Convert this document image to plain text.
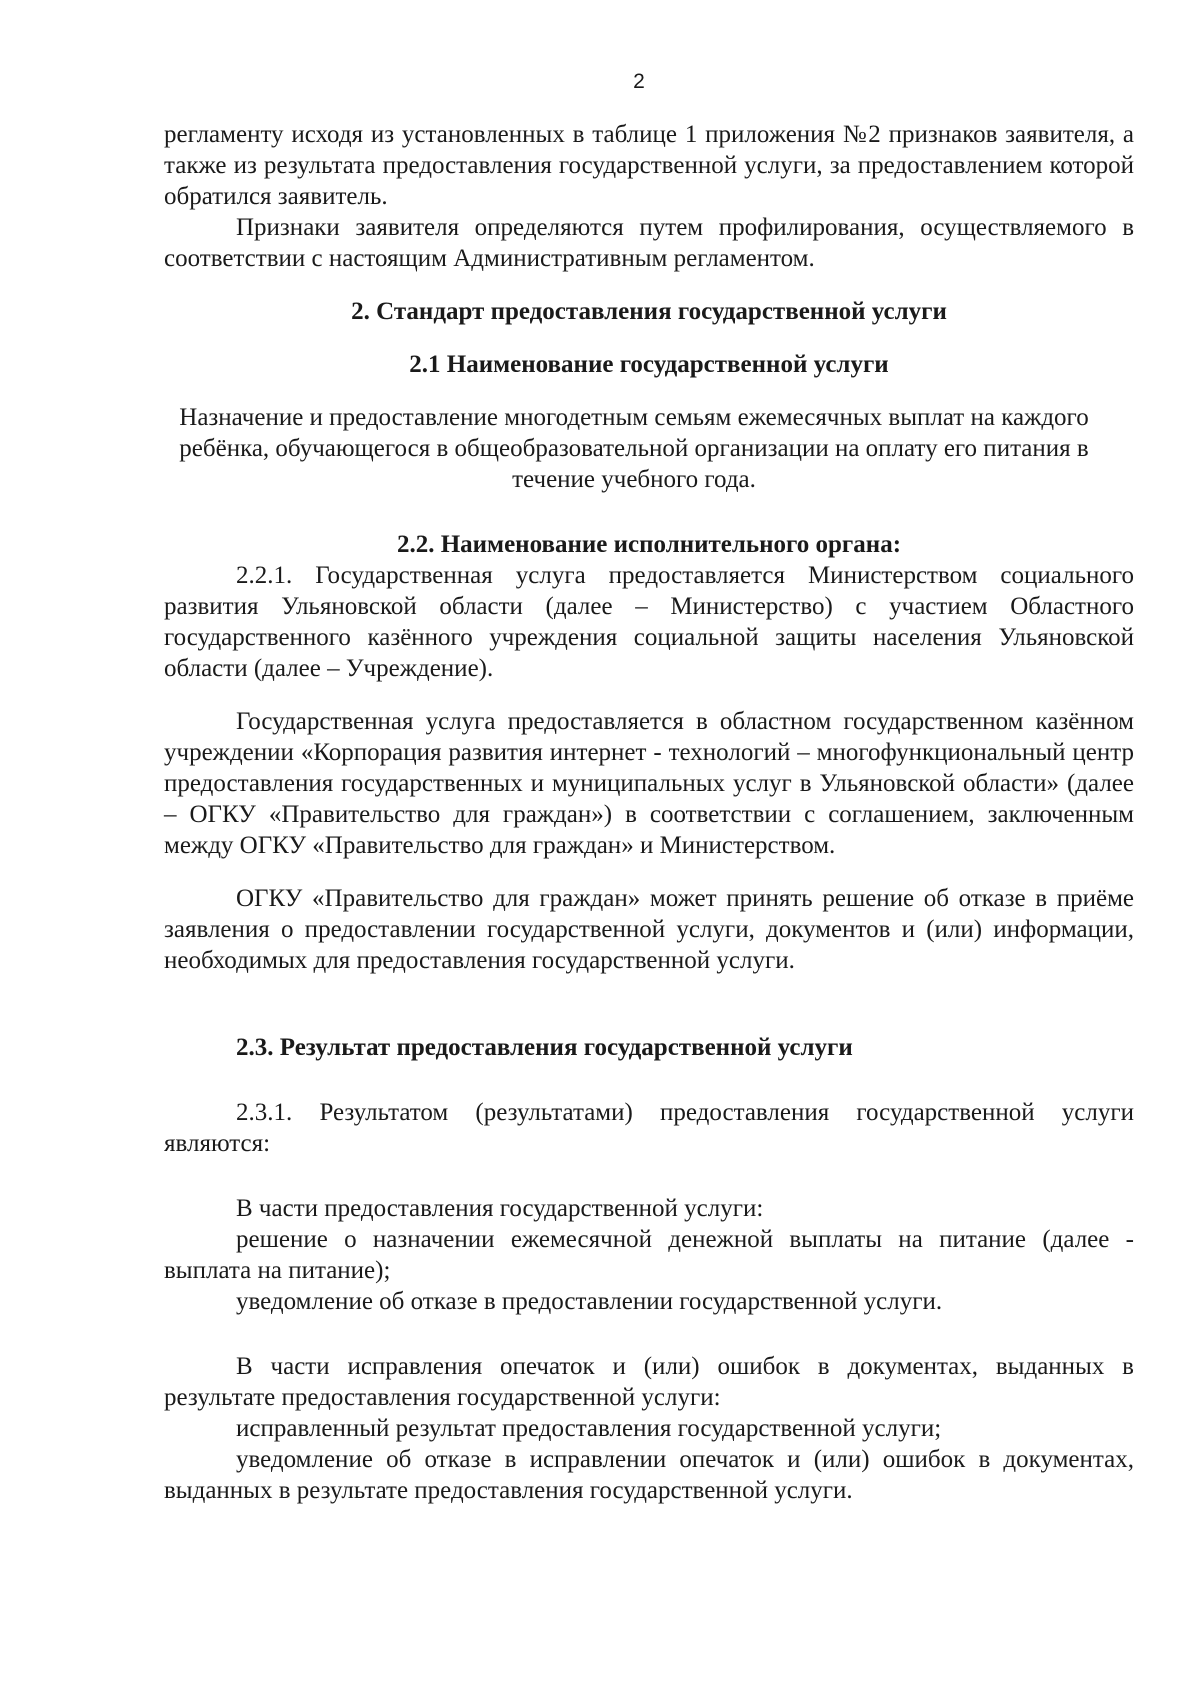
2

регламенту исходя из установленных в таблице 1 приложения №2 признаков заявителя, а также из результата предоставления государственной услуги, за предоставлением которой обратился заявитель.

Признаки заявителя определяются путем профилирования, осуществляемого в соответствии с настоящим Административным регламентом.

2. Стандарт предоставления государственной услуги
2.1 Наименование государственной услуги

Назначение и предоставление многодетным семьям ежемесячных выплат на каждого ребёнка, обучающегося в общеобразовательной организации на оплату его питания в течение учебного года.

2.2. Наименование исполнительного органа:

2.2.1. Государственная услуга предоставляется Министерством социального развития Ульяновской области (далее – Министерство) с участием Областного государственного казённого учреждения социальной защиты населения Ульяновской области (далее – Учреждение).

Государственная услуга предоставляется в областном государственном казённом учреждении «Корпорация развития интернет - технологий – многофункциональный центр предоставления государственных и муниципальных услуг в Ульяновской области» (далее – ОГКУ «Правительство для граждан») в соответствии с соглашением, заключенным между ОГКУ «Правительство для граждан» и Министерством.

ОГКУ «Правительство для граждан» может принять решение об отказе в приёме заявления о предоставлении государственной услуги, документов и (или) информации, необходимых для предоставления государственной услуги.

2.3. Результат предоставления государственной услуги

2.3.1. Результатом (результатами) предоставления государственной услуги являются:

В части предоставления государственной услуги:

решение о назначении ежемесячной денежной выплаты на питание (далее - выплата на питание);

уведомление об отказе в предоставлении государственной услуги.

В части исправления опечаток и (или) ошибок в документах, выданных в результате предоставления государственной услуги:

исправленный результат предоставления государственной услуги;

уведомление об отказе в исправлении опечаток и (или) ошибок в документах, выданных в результате предоставления государственной услуги.
